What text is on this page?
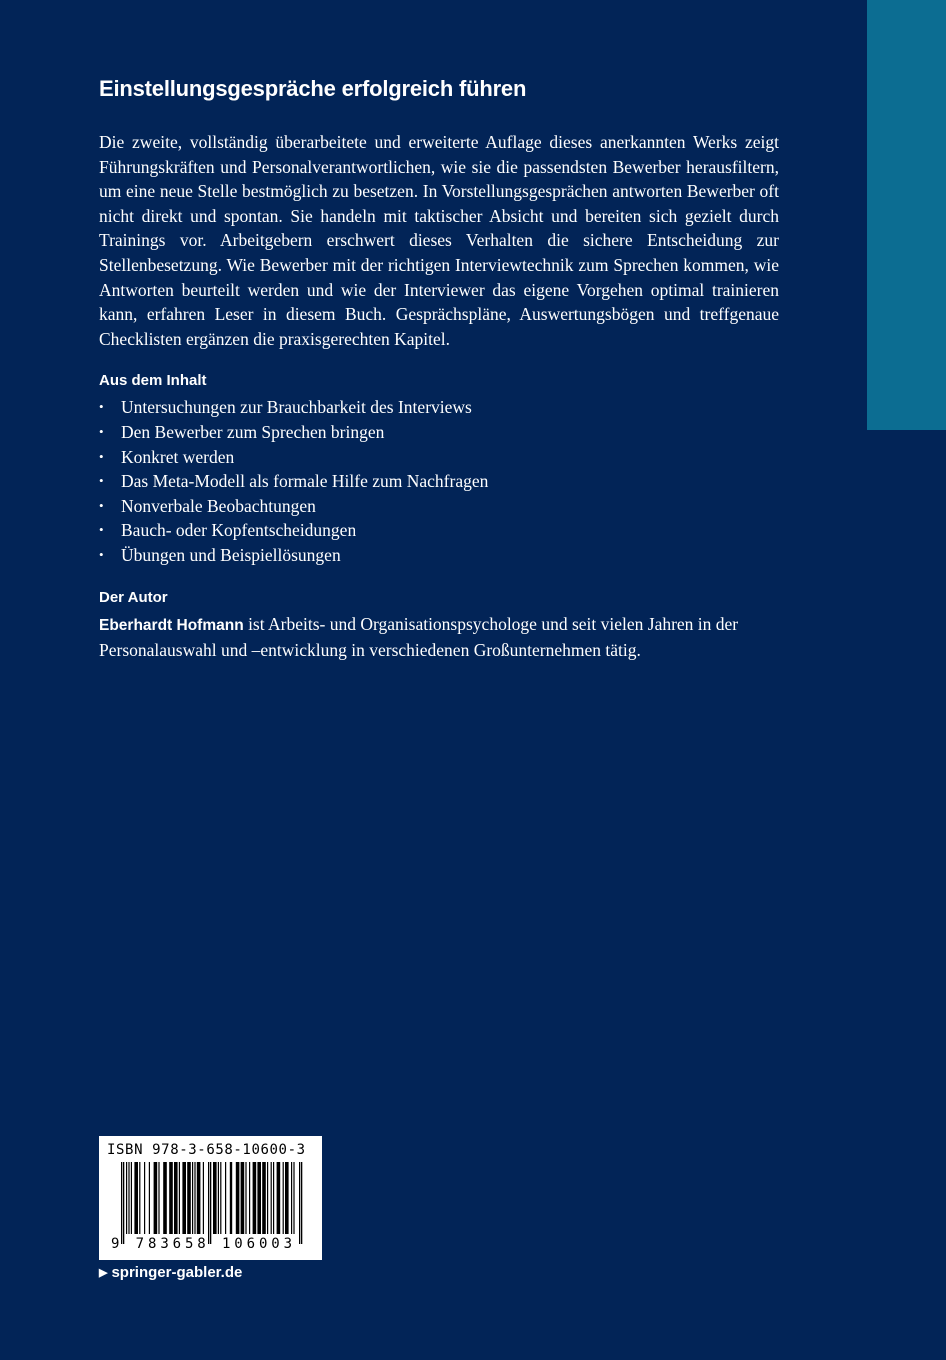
Einstellungsgespräche erfolgreich führen

Die zweite, vollständig überarbeitete und erweiterte Auflage dieses anerkannten Werks zeigt Führungskräften und Personalverantwortlichen, wie sie die passendsten Bewerber herausfiltern, um eine neue Stelle bestmöglich zu besetzen. In Vorstellungsgesprächen antworten Bewerber oft nicht direkt und spontan. Sie handeln mit taktischer Absicht und bereiten sich gezielt durch Trainings vor. Arbeitgebern erschwert dieses Verhalten die sichere Entscheidung zur Stellenbesetzung. Wie Bewerber mit der richtigen Interviewtechnik zum Sprechen kommen, wie Antworten beurteilt werden und wie der Interviewer das eigene Vorgehen optimal trainieren kann, erfahren Leser in diesem Buch. Gesprächspläne, Auswertungsbögen und treffgenaue Checklisten ergänzen die praxisgerechten Kapitel.

Aus dem Inhalt
• Untersuchungen zur Brauchbarkeit des Interviews
• Den Bewerber zum Sprechen bringen
• Konkret werden
• Das Meta-Modell als formale Hilfe zum Nachfragen
• Nonverbale Beobachtungen
• Bauch- oder Kopfentscheidungen
• Übungen und Beispiellösungen
Der Autor

Eberhardt Hofmann ist Arbeits- und Organisationspsychologe und seit vielen Jahren in der Personalauswahl und –entwicklung in verschiedenen Großunternehmen tätig.

ISBN 978-3-658-10600-3
9 783658 106003
▶ springer-gabler.de
